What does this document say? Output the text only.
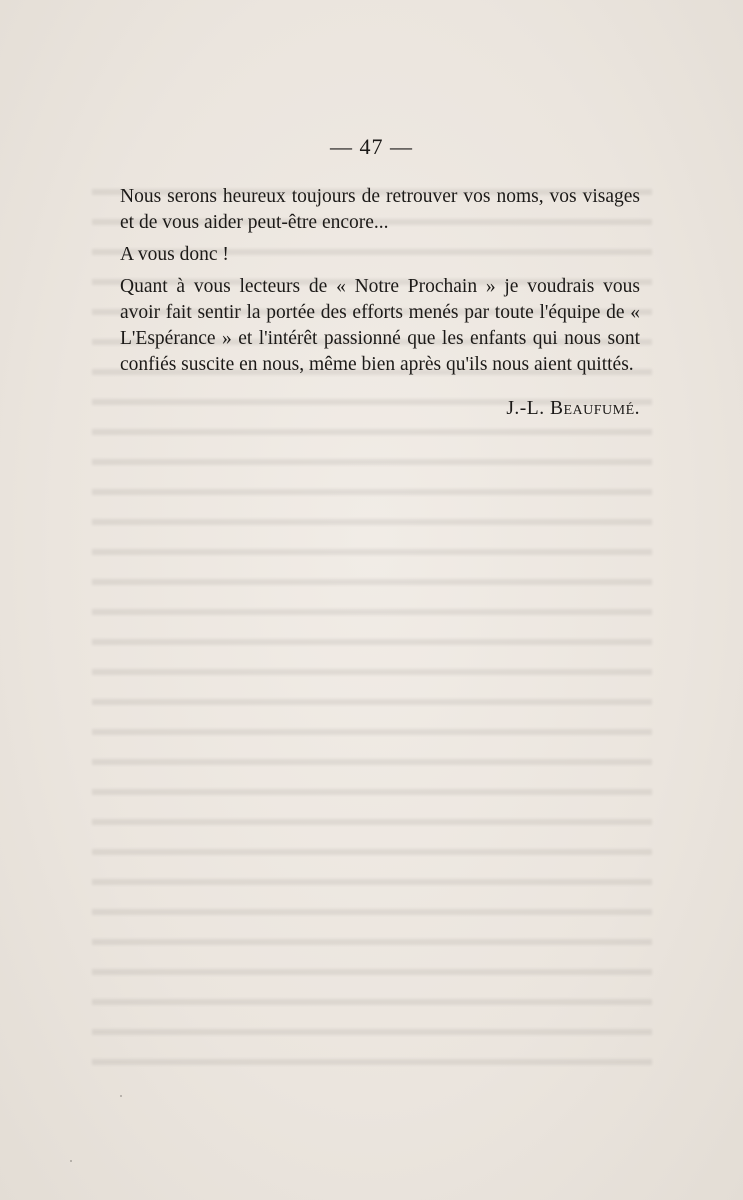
— 47 —

Nous serons heureux toujours de retrouver vos noms, vos visages et de vous aider peut-être encore...

A vous donc !

Quant à vous lecteurs de « Notre Prochain » je voudrais vous avoir fait sentir la portée des efforts menés par toute l'équipe de « L'Espérance » et l'intérêt passionné que les enfants qui nous sont confiés suscite en nous, même bien après qu'ils nous aient quittés.

J.-L. Beaufumé.
